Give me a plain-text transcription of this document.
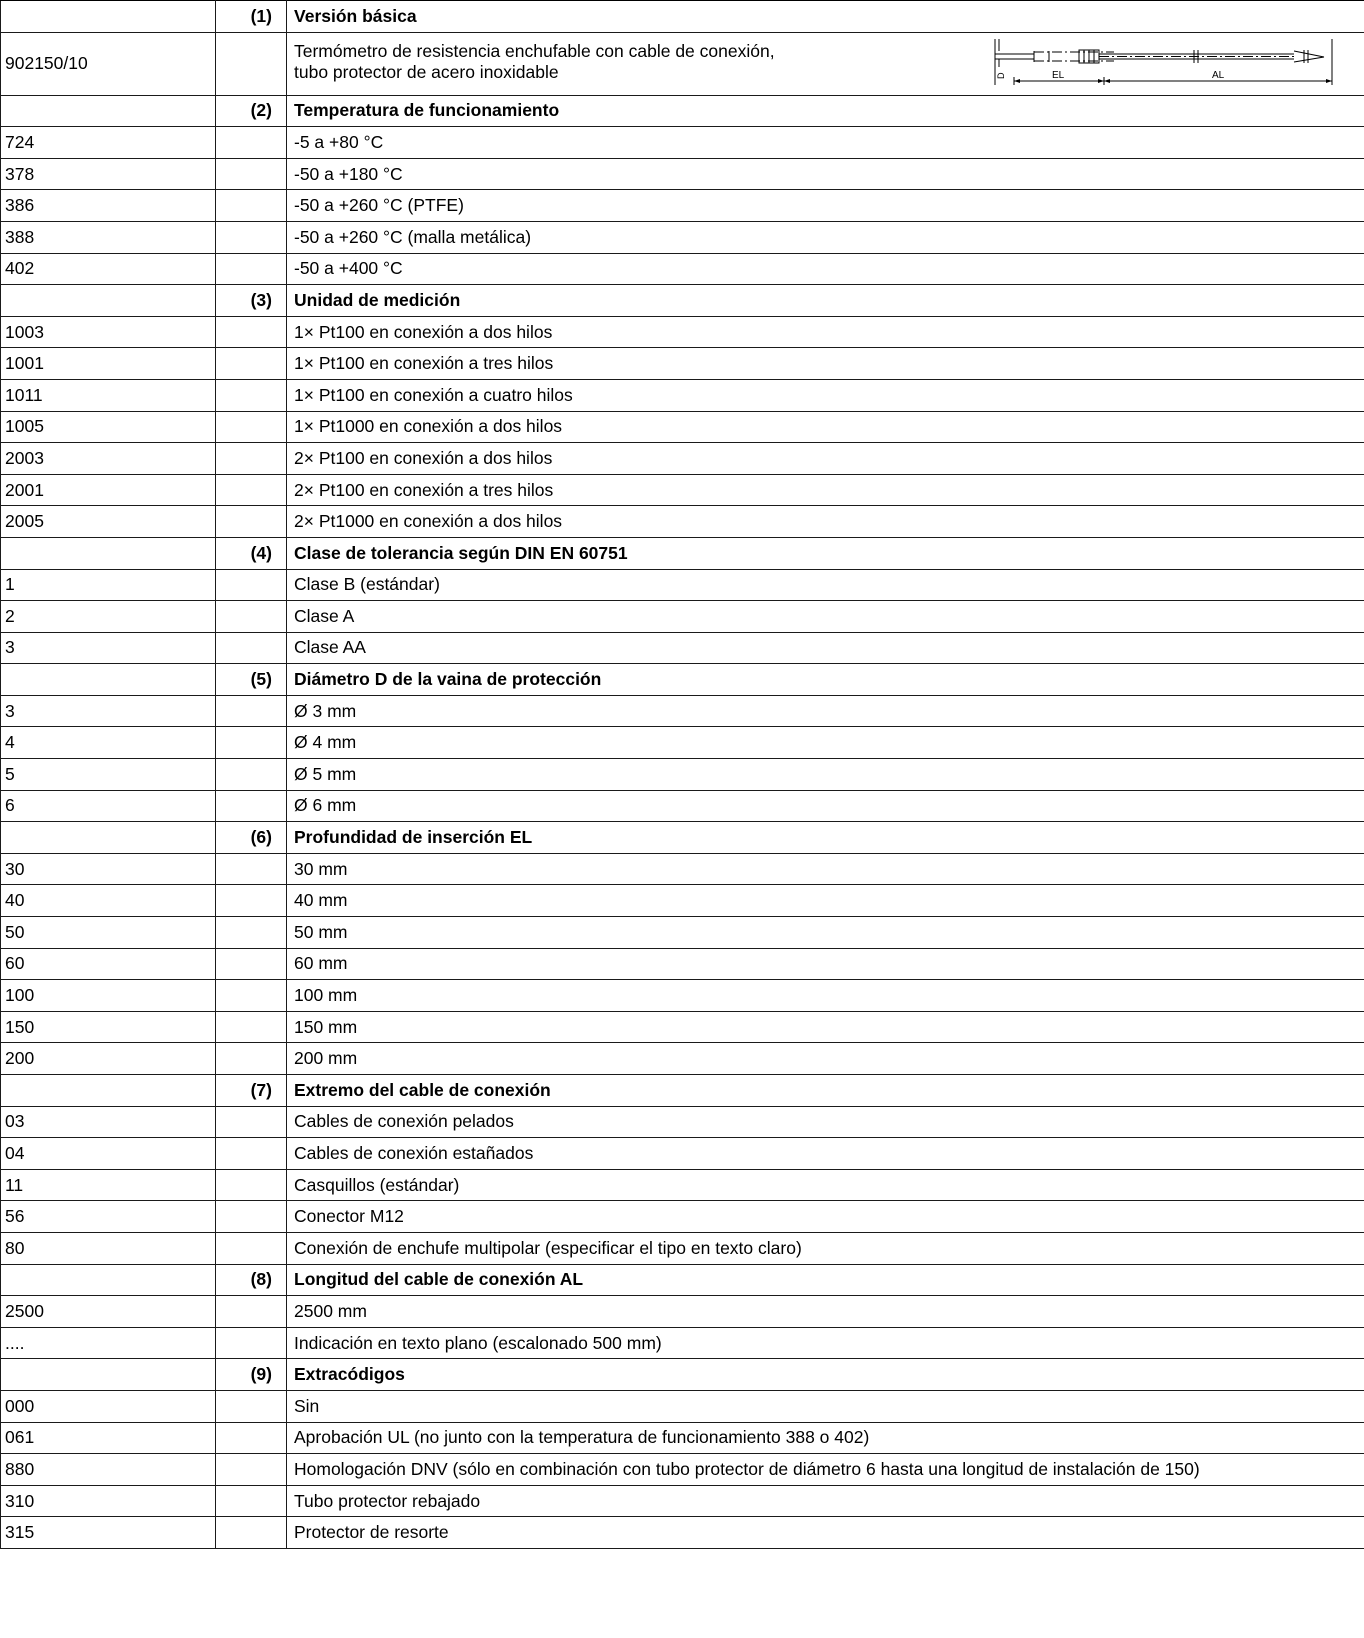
	(1)	Versión básica
902150/10		Termómetro de resistencia enchufable con cable de conexión,
tubo protector de acero inoxidable D EL AL

	(2)	Temperatura de funcionamiento
724		-5 a +80 °C
378		-50 a +180 °C
386		-50 a +260 °C (PTFE)
388		-50 a +260 °C (malla metálica)
402		-50 a +400 °C
	(3)	Unidad de medición
1003		1× Pt100 en conexión a dos hilos
1001		1× Pt100 en conexión a tres hilos
1011		1× Pt100 en conexión a cuatro hilos
1005		1× Pt1000 en conexión a dos hilos
2003		2× Pt100 en conexión a dos hilos
2001		2× Pt100 en conexión a tres hilos
2005		2× Pt1000 en conexión a dos hilos
	(4)	Clase de tolerancia según DIN EN 60751
1		Clase B (estándar)
2		Clase A
3		Clase AA
	(5)	Diámetro D de la vaina de protección
3		Ø 3 mm
4		Ø 4 mm
5		Ø 5 mm
6		Ø 6 mm
	(6)	Profundidad de inserción EL
30		30 mm
40		40 mm
50		50 mm
60		60 mm
100		100 mm
150		150 mm
200		200 mm
	(7)	Extremo del cable de conexión
03		Cables de conexión pelados
04		Cables de conexión estañados
11		Casquillos (estándar)
56		Conector M12
80		Conexión de enchufe multipolar (especificar el tipo en texto claro)
	(8)	Longitud del cable de conexión AL
2500		2500 mm
....		Indicación en texto plano (escalonado 500 mm)
	(9)	Extracódigos
000		Sin
061		Aprobación UL (no junto con la temperatura de funcionamiento 388 o 402)
880		Homologación DNV (sólo en combinación con tubo protector de diámetro 6 hasta una longitud de instalación de 150)
310		Tubo protector rebajado
315		Protector de resorte
